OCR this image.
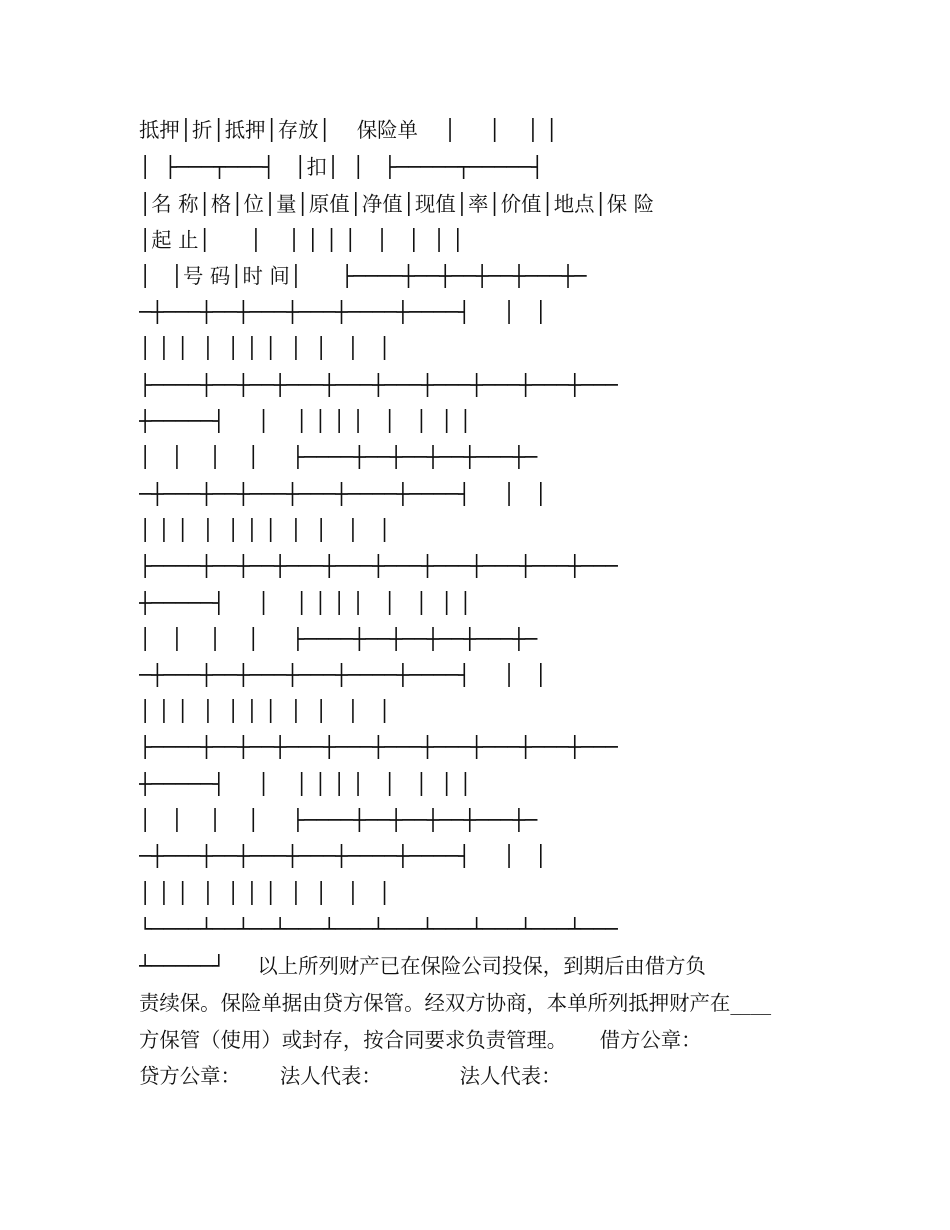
抵押│折│抵押│存放│    保险单    │     │    │ │
│  ├───┬───┤   │扣│  │   ├─────┬─────┤
│名 称│格│位│量│原值│净值│现值│率│价值│地点│保 险
│起 止│      │    │ │ │ │   │   │  │ │
│   │号 码│时 间│      ├────┼──┼──┼──┼───┼─
─┼───┼──┼───┼───┼────┼────┤     │   │
│ │ │  │  │ │ │  │  │   │   │
├────┼──┼──┼───┼───┼───┼───┼───┼───┼───
┼─────┤     │    │ │ │ │   │   │  │ │
│   │    │    │     ├────┼──┼──┼──┼───┼─
─┼───┼──┼───┼───┼────┼────┤     │   │
│ │ │  │  │ │ │  │  │   │   │
├────┼──┼──┼───┼───┼───┼───┼───┼───┼───
┼─────┤     │    │ │ │ │   │   │  │ │
│   │    │    │     ├────┼──┼──┼──┼───┼─
─┼───┼──┼───┼───┼────┼────┤     │   │
│ │ │  │  │ │ │  │  │   │   │
├────┼──┼──┼───┼───┼───┼───┼───┼───┼───
┼─────┤     │    │ │ │ │   │   │  │ │
│   │    │    │     ├────┼──┼──┼──┼───┼─
─┼───┼──┼───┼───┼────┼────┤     │   │
│ │ │  │  │ │ │  │  │   │   │
└────┴──┴──┴───┴───┴───┴───┴───┴───┴───
┴─────┘     以上所列财产已在保险公司投保，到期后由借方负
责续保。保险单据由贷方保管。经双方协商，本单所列抵押财产在____
方保管（使用）或封存，按合同要求负责管理。     借方公章：
贷方公章：      法人代表：            法人代表：
